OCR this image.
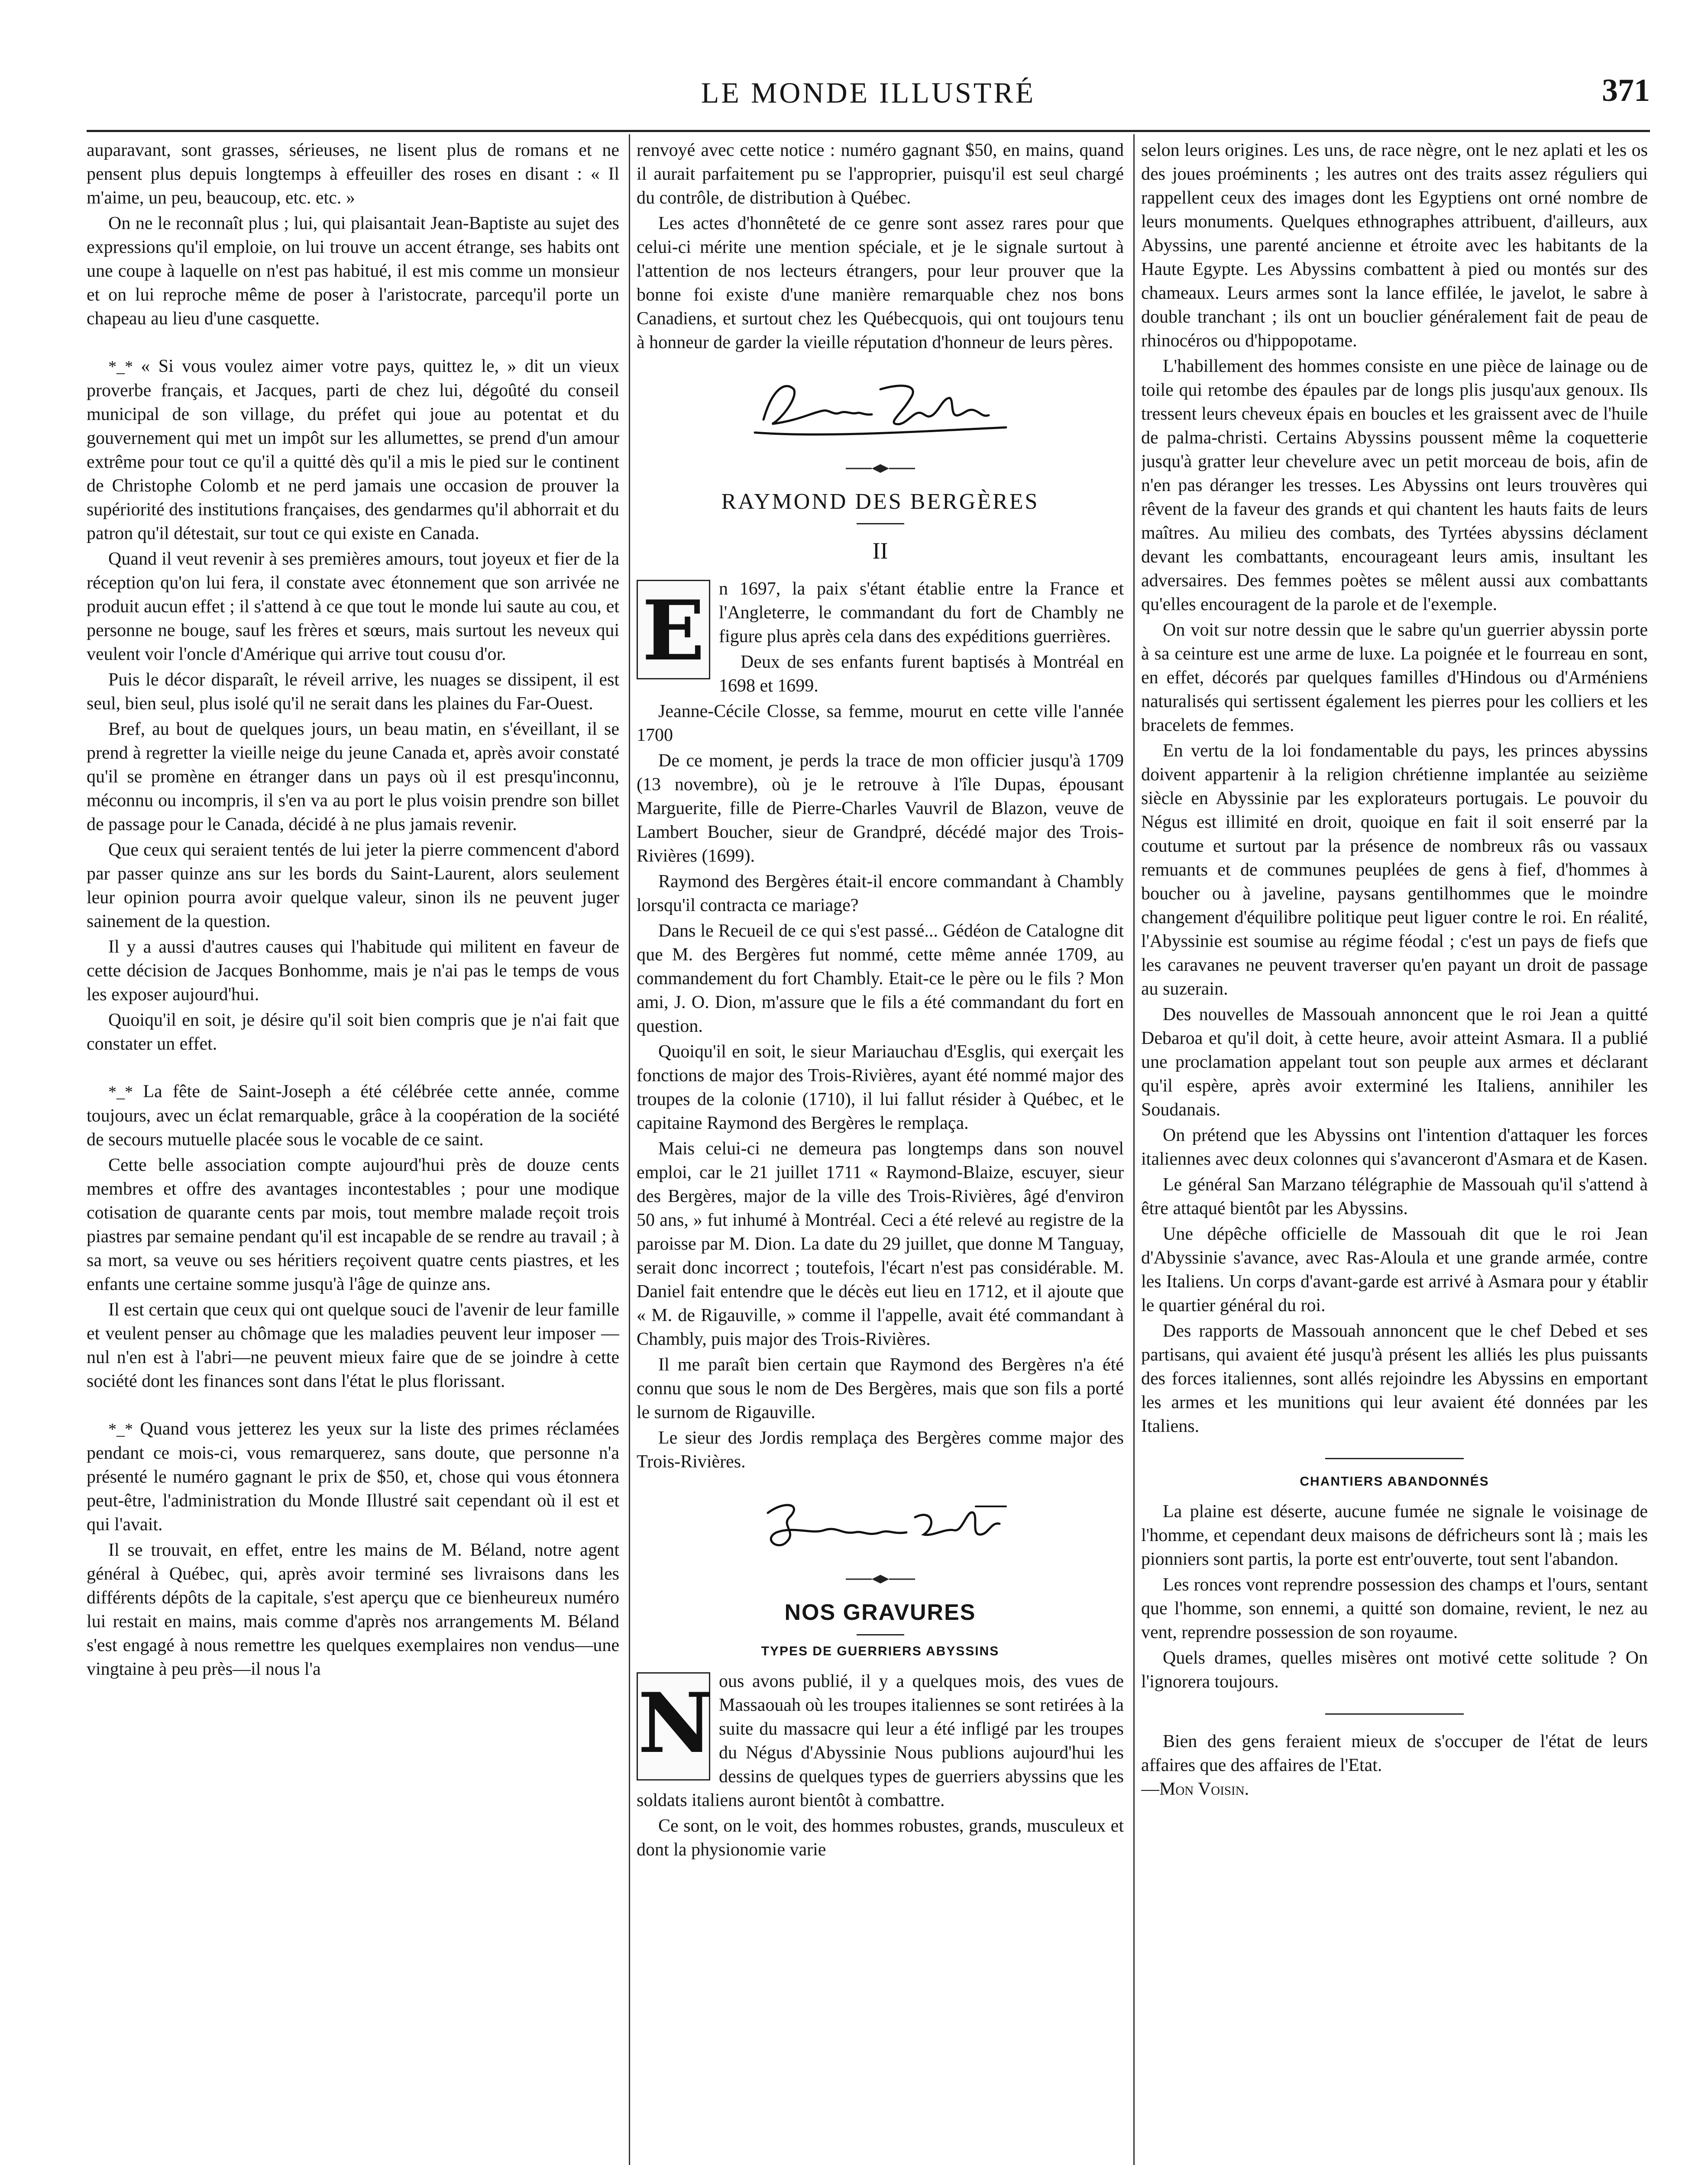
LE MONDE ILLUSTRÉ	371

auparavant, sont grasses, sérieuses, ne lisent plus de romans et ne pensent plus depuis longtemps à effeuiller des roses en disant : « Il m'aime, un peu, beaucoup, etc. etc. »

On ne le reconnaît plus ; lui, qui plaisantait Jean-Baptiste au sujet des expressions qu'il emploie, on lui trouve un accent étrange, ses habits ont une coupe à laquelle on n'est pas habitué, il est mis comme un monsieur et on lui reproche même de poser à l'aristocrate, parcequ'il porte un chapeau au lieu d'une casquette.

*_* « Si vous voulez aimer votre pays, quittez le, » dit un vieux proverbe français, et Jacques, parti de chez lui, dégoûté du conseil municipal de son village, du préfet qui joue au potentat et du gouvernement qui met un impôt sur les allumettes, se prend d'un amour extrême pour tout ce qu'il a quitté dès qu'il a mis le pied sur le continent de Christophe Colomb et ne perd jamais une occasion de prouver la supériorité des institutions françaises, des gendarmes qu'il abhorrait et du patron qu'il détestait, sur tout ce qui existe en Canada.

Quand il veut revenir à ses premières amours, tout joyeux et fier de la réception qu'on lui fera, il constate avec étonnement que son arrivée ne produit aucun effet ; il s'attend à ce que tout le monde lui saute au cou, et personne ne bouge, sauf les frères et sœurs, mais surtout les neveux qui veulent voir l'oncle d'Amérique qui arrive tout cousu d'or.

Puis le décor disparaît, le réveil arrive, les nuages se dissipent, il est seul, bien seul, plus isolé qu'il ne serait dans les plaines du Far-Ouest.

Bref, au bout de quelques jours, un beau matin, en s'éveillant, il se prend à regretter la vieille neige du jeune Canada et, après avoir constaté qu'il se promène en étranger dans un pays où il est presqu'inconnu, méconnu ou incompris, il s'en va au port le plus voisin prendre son billet de passage pour le Canada, décidé à ne plus jamais revenir.

Que ceux qui seraient tentés de lui jeter la pierre commencent d'abord par passer quinze ans sur les bords du Saint-Laurent, alors seulement leur opinion pourra avoir quelque valeur, sinon ils ne peuvent juger sainement de la question.

Il y a aussi d'autres causes qui l'habitude qui militent en faveur de cette décision de Jacques Bonhomme, mais je n'ai pas le temps de vous les exposer aujourd'hui.

Quoiqu'il en soit, je désire qu'il soit bien compris que je n'ai fait que constater un effet.

*_* La fête de Saint-Joseph a été célébrée cette année, comme toujours, avec un éclat remarquable, grâce à la coopération de la société de secours mutuelle placée sous le vocable de ce saint.

Cette belle association compte aujourd'hui près de douze cents membres et offre des avantages incontestables ; pour une modique cotisation de quarante cents par mois, tout membre malade reçoit trois piastres par semaine pendant qu'il est incapable de se rendre au travail ; à sa mort, sa veuve ou ses héritiers reçoivent quatre cents piastres, et les enfants une certaine somme jusqu'à l'âge de quinze ans.

Il est certain que ceux qui ont quelque souci de l'avenir de leur famille et veulent penser au chômage que les maladies peuvent leur imposer —nul n'en est à l'abri—ne peuvent mieux faire que de se joindre à cette société dont les finances sont dans l'état le plus florissant.

*_* Quand vous jetterez les yeux sur la liste des primes réclamées pendant ce mois-ci, vous remarquerez, sans doute, que personne n'a présenté le numéro gagnant le prix de $50, et, chose qui vous étonnera peut-être, l'administration du Monde Illustré sait cependant où il est et qui l'avait.

Il se trouvait, en effet, entre les mains de M. Béland, notre agent général à Québec, qui, après avoir terminé ses livraisons dans les différents dépôts de la capitale, s'est aperçu que ce bienheureux numéro lui restait en mains, mais comme d'après nos arrangements M. Béland s'est engagé à nous remettre les quelques exemplaires non vendus—une vingtaine à peu près—il nous l'a

renvoyé avec cette notice : numéro gagnant $50, en mains, quand il aurait parfaitement pu se l'approprier, puisqu'il est seul chargé du contrôle, de distribution à Québec.

Les actes d'honnêteté de ce genre sont assez rares pour que celui-ci mérite une mention spéciale, et je le signale surtout à l'attention de nos lecteurs étrangers, pour leur prouver que la bonne foi existe d'une manière remarquable chez nos bons Canadiens, et surtout chez les Québecquois, qui ont toujours tenu à honneur de garder la vieille réputation d'honneur de leurs pères.

RAYMOND DES BERGÈRES
II
E n 1697, la paix s'étant établie entre la France et l'Angleterre, le commandant du fort de Chambly ne figure plus après cela dans des expéditions guerrières.

Deux de ses enfants furent baptisés à Montréal en 1698 et 1699.

Jeanne-Cécile Closse, sa femme, mourut en cette ville l'année 1700

De ce moment, je perds la trace de mon officier jusqu'à 1709 (13 novembre), où je le retrouve à l'île Dupas, épousant Marguerite, fille de Pierre-Charles Vauvril de Blazon, veuve de Lambert Boucher, sieur de Grandpré, décédé major des Trois-Rivières (1699).

Raymond des Bergères était-il encore commandant à Chambly lorsqu'il contracta ce mariage?

Dans le Recueil de ce qui s'est passé... Gédéon de Catalogne dit que M. des Bergères fut nommé, cette même année 1709, au commandement du fort Chambly. Etait-ce le père ou le fils ? Mon ami, J. O. Dion, m'assure que le fils a été commandant du fort en question.

Quoiqu'il en soit, le sieur Mariauchau d'Esglis, qui exerçait les fonctions de major des Trois-Rivières, ayant été nommé major des troupes de la colonie (1710), il lui fallut résider à Québec, et le capitaine Raymond des Bergères le remplaça.

Mais celui-ci ne demeura pas longtemps dans son nouvel emploi, car le 21 juillet 1711 « Raymond-Blaize, escuyer, sieur des Bergères, major de la ville des Trois-Rivières, âgé d'environ 50 ans, » fut inhumé à Montréal. Ceci a été relevé au registre de la paroisse par M. Dion. La date du 29 juillet, que donne M Tanguay, serait donc incorrect ; toutefois, l'écart n'est pas considérable. M. Daniel fait entendre que le décès eut lieu en 1712, et il ajoute que « M. de Rigauville, » comme il l'appelle, avait été commandant à Chambly, puis major des Trois-Rivières.

Il me paraît bien certain que Raymond des Bergères n'a été connu que sous le nom de Des Bergères, mais que son fils a porté le surnom de Rigauville.

Le sieur des Jordis remplaça des Bergères comme major des Trois-Rivières.

NOS GRAVURES
TYPES DE GUERRIERS ABYSSINS
N ous avons publié, il y a quelques mois, des vues de Massaouah où les troupes italiennes se sont retirées à la suite du massacre qui leur a été infligé par les troupes du Négus d'Abyssinie Nous publions aujourd'hui les dessins de quelques types de guerriers abyssins que les soldats italiens auront bientôt à combattre.

Ce sont, on le voit, des hommes robustes, grands, musculeux et dont la physionomie varie

selon leurs origines. Les uns, de race nègre, ont le nez aplati et les os des joues proéminents ; les autres ont des traits assez réguliers qui rappellent ceux des images dont les Egyptiens ont orné nombre de leurs monuments. Quelques ethnographes attribuent, d'ailleurs, aux Abyssins, une parenté ancienne et étroite avec les habitants de la Haute Egypte. Les Abyssins combattent à pied ou montés sur des chameaux. Leurs armes sont la lance effilée, le javelot, le sabre à double tranchant ; ils ont un bouclier généralement fait de peau de rhinocéros ou d'hippopotame.

L'habillement des hommes consiste en une pièce de lainage ou de toile qui retombe des épaules par de longs plis jusqu'aux genoux. Ils tressent leurs cheveux épais en boucles et les graissent avec de l'huile de palma-christi. Certains Abyssins poussent même la coquetterie jusqu'à gratter leur chevelure avec un petit morceau de bois, afin de n'en pas déranger les tresses. Les Abyssins ont leurs trouvères qui rêvent de la faveur des grands et qui chantent les hauts faits de leurs maîtres. Au milieu des combats, des Tyrtées abyssins déclament devant les combattants, encourageant leurs amis, insultant les adversaires. Des femmes poètes se mêlent aussi aux combattants qu'elles encouragent de la parole et de l'exemple.

On voit sur notre dessin que le sabre qu'un guerrier abyssin porte à sa ceinture est une arme de luxe. La poignée et le fourreau en sont, en effet, décorés par quelques familles d'Hindous ou d'Arméniens naturalisés qui sertissent également les pierres pour les colliers et les bracelets de femmes.

En vertu de la loi fondamentable du pays, les princes abyssins doivent appartenir à la religion chrétienne implantée au seizième siècle en Abyssinie par les explorateurs portugais. Le pouvoir du Négus est illimité en droit, quoique en fait il soit enserré par la coutume et surtout par la présence de nombreux râs ou vassaux remuants et de communes peuplées de gens à fief, d'hommes à boucher ou à javeline, paysans gentilhommes que le moindre changement d'équilibre politique peut liguer contre le roi. En réalité, l'Abyssinie est soumise au régime féodal ; c'est un pays de fiefs que les caravanes ne peuvent traverser qu'en payant un droit de passage au suzerain.

Des nouvelles de Massouah annoncent que le roi Jean a quitté Debaroa et qu'il doit, à cette heure, avoir atteint Asmara. Il a publié une proclamation appelant tout son peuple aux armes et déclarant qu'il espère, après avoir exterminé les Italiens, annihiler les Soudanais.

On prétend que les Abyssins ont l'intention d'attaquer les forces italiennes avec deux colonnes qui s'avanceront d'Asmara et de Kasen.

Le général San Marzano télégraphie de Massouah qu'il s'attend à être attaqué bientôt par les Abyssins.

Une dépêche officielle de Massouah dit que le roi Jean d'Abyssinie s'avance, avec Ras-Aloula et une grande armée, contre les Italiens. Un corps d'avant-garde est arrivé à Asmara pour y établir le quartier général du roi.

Des rapports de Massouah annoncent que le chef Debed et ses partisans, qui avaient été jusqu'à présent les alliés les plus puissants des forces italiennes, sont allés rejoindre les Abyssins en emportant les armes et les munitions qui leur avaient été données par les Italiens.

CHANTIERS ABANDONNÉS

La plaine est déserte, aucune fumée ne signale le voisinage de l'homme, et cependant deux maisons de défricheurs sont là ; mais les pionniers sont partis, la porte est entr'ouverte, tout sent l'abandon.

Les ronces vont reprendre possession des champs et l'ours, sentant que l'homme, son ennemi, a quitté son domaine, revient, le nez au vent, reprendre possession de son royaume.

Quels drames, quelles misères ont motivé cette solitude ? On l'ignorera toujours.

Bien des gens feraient mieux de s'occuper de l'état de leurs affaires que des affaires de l'Etat.
—Mon Voisin.
